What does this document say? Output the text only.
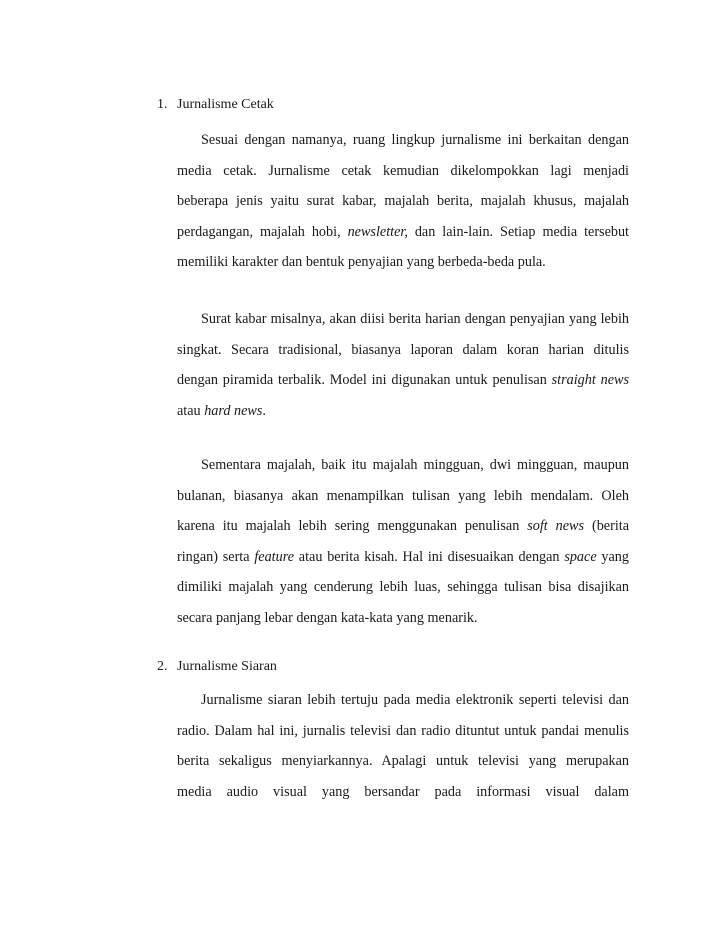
1. Jurnalisme Cetak
Sesuai dengan namanya, ruang lingkup jurnalisme ini berkaitan dengan
media cetak. Jurnalisme cetak kemudian dikelompokkan lagi menjadi
beberapa jenis yaitu surat kabar, majalah berita, majalah khusus, majalah
perdagangan, majalah hobi, newsletter, dan lain-lain. Setiap media tersebut
memiliki karakter dan bentuk penyajian yang berbeda-beda pula.
Surat kabar misalnya, akan diisi berita harian dengan penyajian yang lebih
singkat. Secara tradisional, biasanya laporan dalam koran harian ditulis
dengan piramida terbalik. Model ini digunakan untuk penulisan straight news
atau hard news.
Sementara majalah, baik itu majalah mingguan, dwi mingguan, maupun
bulanan, biasanya akan menampilkan tulisan yang lebih mendalam. Oleh
karena itu majalah lebih sering menggunakan penulisan soft news (berita
ringan) serta feature atau berita kisah. Hal ini disesuaikan dengan space yang
dimiliki majalah yang cenderung lebih luas, sehingga tulisan bisa disajikan
secara panjang lebar dengan kata-kata yang menarik.
2. Jurnalisme Siaran
Jurnalisme siaran lebih tertuju pada media elektronik seperti televisi dan
radio. Dalam hal ini, jurnalis televisi dan radio dituntut untuk pandai menulis
berita sekaligus menyiarkannya. Apalagi untuk televisi yang merupakan
media audio visual yang bersandar pada informasi visual dalam
